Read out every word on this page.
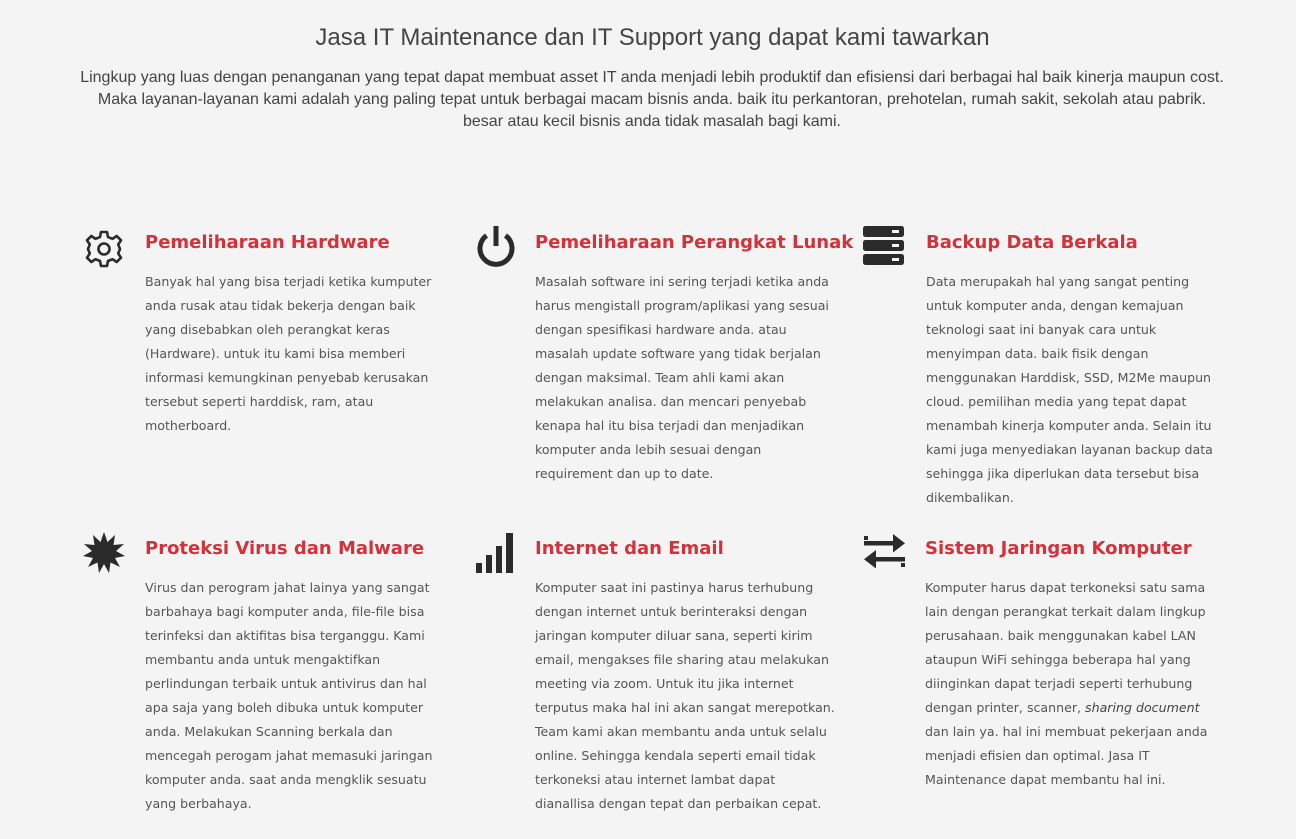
Jasa IT Maintenance dan IT Support yang dapat kami tawarkan

Lingkup yang luas dengan penanganan yang tepat dapat membuat asset IT anda menjadi lebih produktif dan efisiensi dari berbagai hal baik kinerja maupun cost. Maka layanan-layanan kami adalah yang paling tepat untuk berbagai macam bisnis anda. baik itu perkantoran, prehotelan, rumah sakit, sekolah atau pabrik. besar atau kecil bisnis anda tidak masalah bagi kami.

Pemeliharaan Hardware

Banyak hal yang bisa terjadi ketika kumputer anda rusak atau tidak bekerja dengan baik yang disebabkan oleh perangkat keras (Hardware). untuk itu kami bisa memberi informasi kemungkinan penyebab kerusakan tersebut seperti harddisk, ram, atau motherboard.

Pemeliharaan Perangkat Lunak

Masalah software ini sering terjadi ketika anda harus mengistall program/aplikasi yang sesuai dengan spesifikasi hardware anda. atau masalah update software yang tidak berjalan dengan maksimal. Team ahli kami akan melakukan analisa. dan mencari penyebab kenapa hal itu bisa terjadi dan menjadikan komputer anda lebih sesuai dengan requirement dan up to date.

Backup Data Berkala

Data merupakah hal yang sangat penting untuk komputer anda, dengan kemajuan teknologi saat ini banyak cara untuk menyimpan data. baik fisik dengan menggunakan Harddisk, SSD, M2Me maupun cloud. pemilihan media yang tepat dapat menambah kinerja komputer anda. Selain itu kami juga menyediakan layanan backup data sehingga jika diperlukan data tersebut bisa dikembalikan.

Proteksi Virus dan Malware

Virus dan perogram jahat lainya yang sangat barbahaya bagi komputer anda, file-file bisa terinfeksi dan aktifitas bisa terganggu. Kami membantu anda untuk mengaktifkan perlindungan terbaik untuk antivirus dan hal apa saja yang boleh dibuka untuk komputer anda. Melakukan Scanning berkala dan mencegah perogam jahat memasuki jaringan komputer anda. saat anda mengklik sesuatu yang berbahaya.

Internet dan Email

Komputer saat ini pastinya harus terhubung dengan internet untuk berinteraksi dengan jaringan komputer diluar sana, seperti kirim email, mengakses file sharing atau melakukan meeting via zoom. Untuk itu jika internet terputus maka hal ini akan sangat merepotkan. Team kami akan membantu anda untuk selalu online. Sehingga kendala seperti email tidak terkoneksi atau internet lambat dapat dianallisa dengan tepat dan perbaikan cepat.

Sistem Jaringan Komputer

Komputer harus dapat terkoneksi satu sama lain dengan perangkat terkait dalam lingkup perusahaan. baik menggunakan kabel LAN ataupun WiFi sehingga beberapa hal yang diinginkan dapat terjadi seperti terhubung dengan printer, scanner, sharing document dan lain ya. hal ini membuat pekerjaan anda menjadi efisien dan optimal. Jasa IT Maintenance dapat membantu hal ini.
